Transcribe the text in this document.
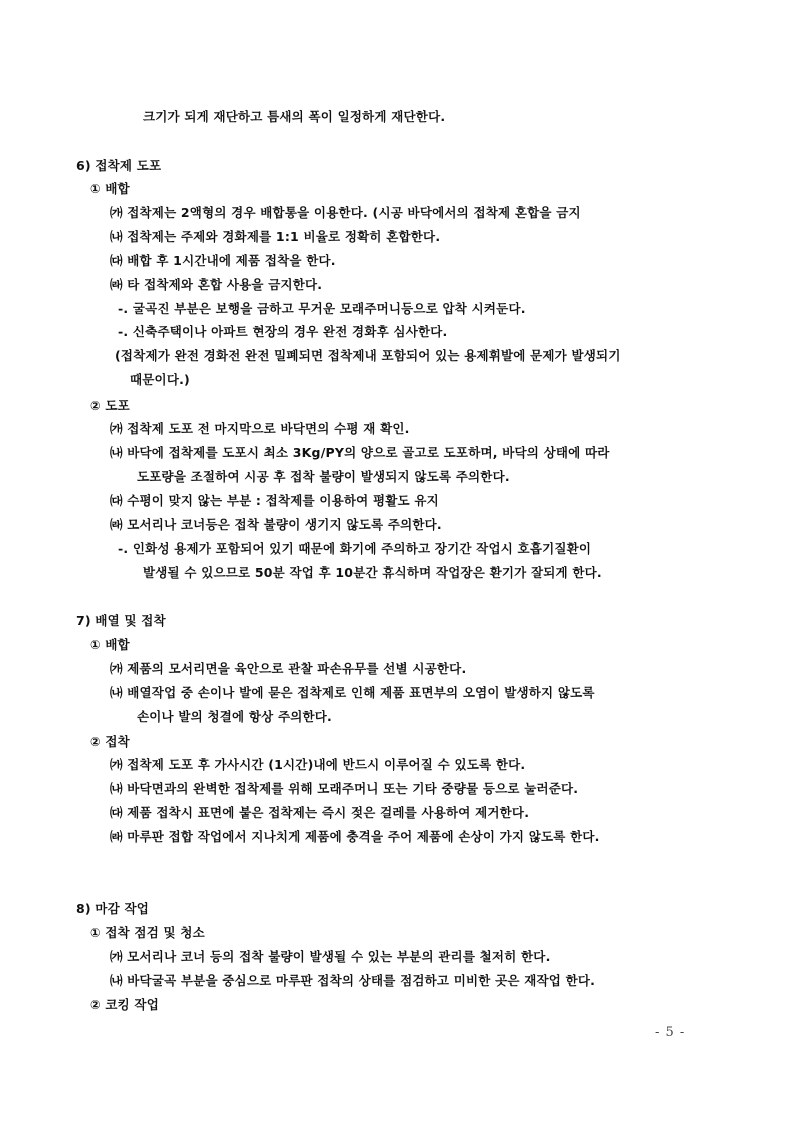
크기가 되게 재단하고 틈새의 폭이 일정하게 재단한다.
6) 접착제 도포
① 배합
㈎ 접착제는 2액형의 경우 배합통을 이용한다. (시공 바닥에서의 접착제 혼합을 금지
㈏ 접착제는 주제와 경화제를 1:1 비율로 정확히 혼합한다.
㈐ 배합 후 1시간내에 제품 접착을 한다.
㈑ 타 접착제와 혼합 사용을 금지한다.
-. 굴곡진 부분은 보행을 금하고 무거운 모래주머니등으로 압착 시켜둔다.
-. 신축주택이나 아파트 현장의 경우 완전 경화후 심사한다.
(접착제가 완전 경화전 완전 밀폐되면 접착제내 포함되어 있는 용제휘발에 문제가 발생되기
때문이다.)
② 도포
㈎ 접착제 도포 전 마지막으로 바닥면의 수평 재 확인.
㈏ 바닥에 접착제를 도포시 최소 3Kg/PY의 양으로 골고로 도포하며, 바닥의 상태에 따라
도포량을 조절하여 시공 후 접착 불량이 발생되지 않도록 주의한다.
㈐ 수평이 맞지 않는 부분 : 접착제를 이용하여 평활도 유지
㈑ 모서리나 코너등은 접착 불량이 생기지 않도록 주의한다.
-. 인화성 용제가 포함되어 있기 때문에 화기에 주의하고 장기간 작업시 호흡기질환이
발생될 수 있으므로 50분 작업 후 10분간 휴식하며 작업장은 환기가 잘되게 한다.
7) 배열 및 접착
① 배합
㈎ 제품의 모서리면을 육안으로 관찰 파손유무를 선별 시공한다.
㈏ 배열작업 중 손이나 발에 묻은 접착제로 인해 제품 표면부의 오염이 발생하지 않도록
손이나 발의 청결에 항상 주의한다.
② 접착
㈎ 접착제 도포 후 가사시간 (1시간)내에 반드시 이루어질 수 있도록 한다.
㈏ 바닥면과의 완벽한 접착제를 위해 모래주머니 또는 기타 중량물 등으로 눌러준다.
㈐ 제품 접착시 표면에 붙은 접착제는 즉시 젖은 걸레를 사용하여 제거한다.
㈑ 마루판 접합 작업에서 지나치게 제품에 충격을 주어 제품에 손상이 가지 않도록 한다.
8) 마감 작업
① 접착 점검 및 청소
㈎ 모서리나 코너 등의 접착 불량이 발생될 수 있는 부분의 관리를 철저히 한다.
㈏ 바닥굴곡 부분을 중심으로 마루판 접착의 상태를 점검하고 미비한 곳은 재작업 한다.
② 코킹 작업
- 5 -
